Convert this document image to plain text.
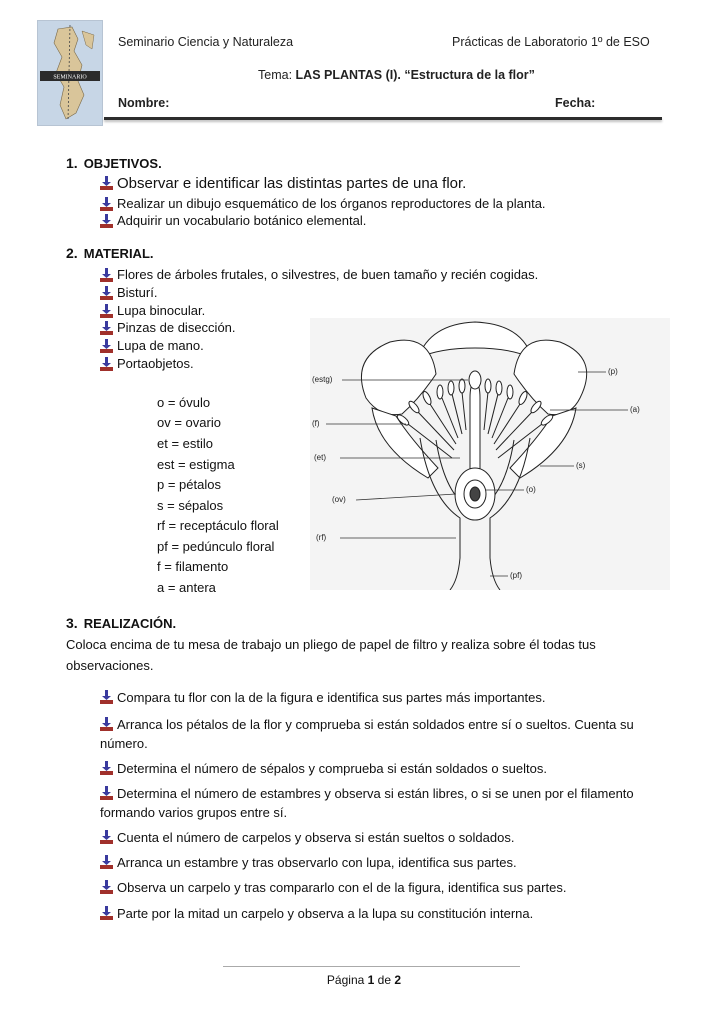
SEMINARIO
Seminario Ciencia y Naturaleza	Prácticas de Laboratorio 1º de ESO
Tema: LAS PLANTAS (I). “Estructura de la flor”
Nombre:	Fecha:
1. OBJETIVOS.
Observar e identificar las distintas partes de una flor.
Realizar un dibujo esquemático de los órganos reproductores de la planta.
Adquirir un vocabulario botánico elemental.
2. MATERIAL.
Flores de árboles frutales, o silvestres, de buen tamaño y recién cogidas.
Bisturí.
Lupa binocular.
Pinzas de disección.
Lupa de mano.
Portaobjetos.
o = óvulo
ov = ovario
et = estilo
est = estigma
p = pétalos
s = sépalos
rf = receptáculo floral
pf = pedúnculo floral
f = filamento
a = antera
(estg)
(f)
(et)
(ov)
(rf)
(p)
(a)
(s)
(o)
(pf)
3. REALIZACIÓN.
Coloca encima de tu mesa de trabajo un pliego de papel de filtro y realiza sobre él todas tus observaciones.
Compara tu flor con la de la figura e identifica sus partes más importantes.
Arranca los pétalos de la flor y comprueba si están soldados entre sí o sueltos. Cuenta su número.
Determina el número de sépalos y comprueba si están soldados o sueltos.
Determina el número de estambres y observa si están libres, o si se unen por el filamento formando varios grupos entre sí.
Cuenta el número de carpelos y observa si están sueltos o soldados.
Arranca un estambre y tras observarlo con lupa, identifica sus partes.
Observa un carpelo y tras compararlo con el de la figura, identifica sus partes.
Parte por la mitad un carpelo y observa a la lupa su constitución interna.
Página 1 de 2
